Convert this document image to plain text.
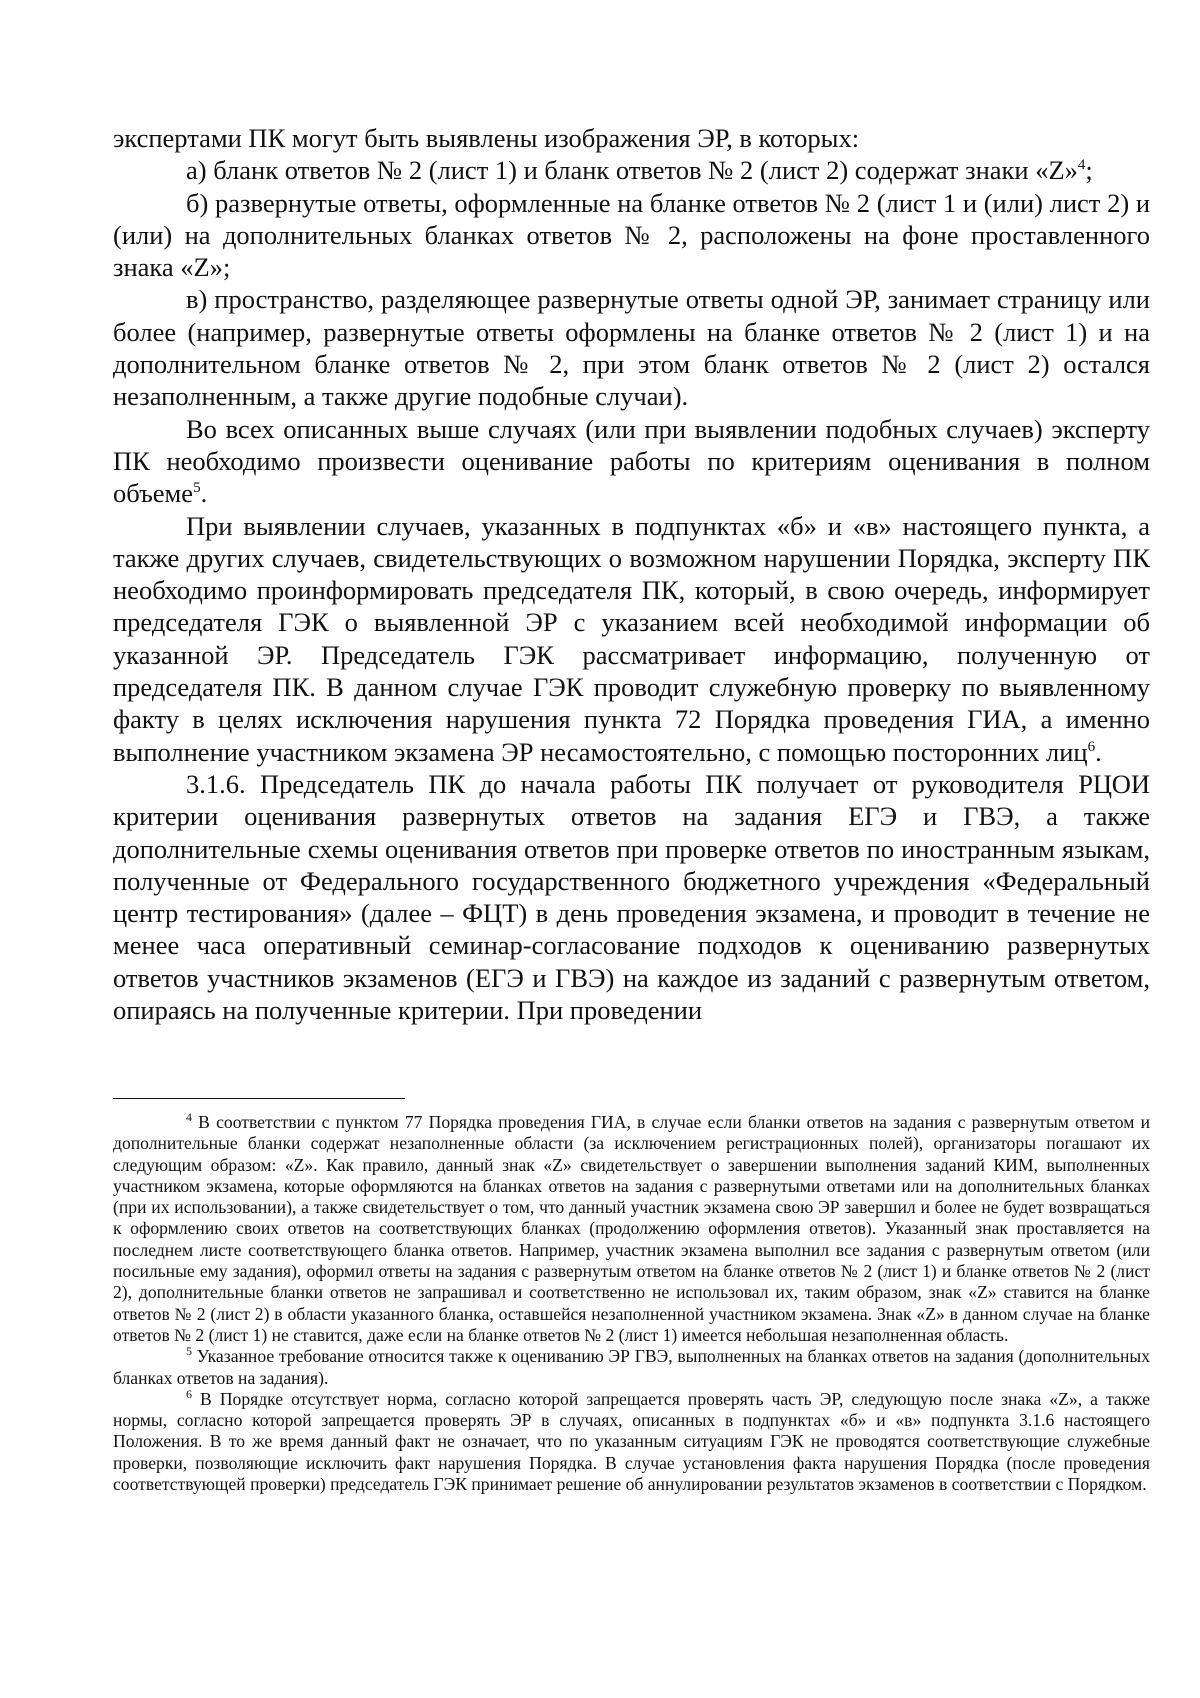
экспертами ПК могут быть выявлены изображения ЭР, в которых:

а) бланк ответов № 2 (лист 1) и бланк ответов № 2 (лист 2) содержат знаки «Z»$^4$;

б) развернутые ответы, оформленные на бланке ответов № 2 (лист 1 и (или) лист 2) и (или) на дополнительных бланках ответов № 2, расположены на фоне проставленного знака «Z»;

в) пространство, разделяющее развернутые ответы одной ЭР, занимает страницу или более (например, развернутые ответы оформлены на бланке ответов № 2 (лист 1) и на дополнительном бланке ответов № 2, при этом бланк ответов № 2 (лист 2) остался незаполненным, а также другие подобные случаи).

Во всех описанных выше случаях (или при выявлении подобных случаев) эксперту ПК необходимо произвести оценивание работы по критериям оценивания в полном объеме$^5$.

При выявлении случаев, указанных в подпунктах «б» и «в» настоящего пункта, а также других случаев, свидетельствующих о возможном нарушении Порядка, эксперту ПК необходимо проинформировать председателя ПК, который, в свою очередь, информирует председателя ГЭК о выявленной ЭР с указанием всей необходимой информации об указанной ЭР. Председатель ГЭК рассматривает информацию, полученную от председателя ПК. В данном случае ГЭК проводит служебную проверку по выявленному факту в целях исключения нарушения пункта 72 Порядка проведения ГИА, а именно выполнение участником экзамена ЭР несамостоятельно, с помощью посторонних лиц$^6$.

3.1.6. Председатель ПК до начала работы ПК получает от руководителя РЦОИ критерии оценивания развернутых ответов на задания ЕГЭ и ГВЭ, а также дополнительные схемы оценивания ответов при проверке ответов по иностранным языкам, полученные от Федерального государственного бюджетного учреждения «Федеральный центр тестирования» (далее – ФЦТ) в день проведения экзамена, и проводит в течение не менее часа оперативный семинар-согласование подходов к оцениванию развернутых ответов участников экзаменов (ЕГЭ и ГВЭ) на каждое из заданий с развернутым ответом, опираясь на полученные критерии. При проведении

$^4$ В соответствии с пунктом 77 Порядка проведения ГИА, в случае если бланки ответов на задания с развернутым ответом и дополнительные бланки содержат незаполненные области (за исключением регистрационных полей), организаторы погашают их следующим образом: «Z». Как правило, данный знак «Z» свидетельствует о завершении выполнения заданий КИМ, выполненных участником экзамена, которые оформляются на бланках ответов на задания с развернутыми ответами или на дополнительных бланках (при их использовании), а также свидетельствует о том, что данный участник экзамена свою ЭР завершил и более не будет возвращаться к оформлению своих ответов на соответствующих бланках (продолжению оформления ответов). Указанный знак проставляется на последнем листе соответствующего бланка ответов. Например, участник экзамена выполнил все задания с развернутым ответом (или посильные ему задания), оформил ответы на задания с развернутым ответом на бланке ответов № 2 (лист 1) и бланке ответов № 2 (лист 2), дополнительные бланки ответов не запрашивал и соответственно не использовал их, таким образом, знак «Z» ставится на бланке ответов № 2 (лист 2) в области указанного бланка, оставшейся незаполненной участником экзамена. Знак «Z» в данном случае на бланке ответов № 2 (лист 1) не ставится, даже если на бланке ответов № 2 (лист 1) имеется небольшая незаполненная область.

$^5$ Указанное требование относится также к оцениванию ЭР ГВЭ, выполненных на бланках ответов на задания (дополнительных бланках ответов на задания).

$^6$ В Порядке отсутствует норма, согласно которой запрещается проверять часть ЭР, следующую после знака «Z», а также нормы, согласно которой запрещается проверять ЭР в случаях, описанных в подпунктах «б» и «в» подпункта 3.1.6 настоящего Положения. В то же время данный факт не означает, что по указанным ситуациям ГЭК не проводятся соответствующие служебные проверки, позволяющие исключить факт нарушения Порядка. В случае установления факта нарушения Порядка (после проведения соответствующей проверки) председатель ГЭК принимает решение об аннулировании результатов экзаменов в соответствии с Порядком.
